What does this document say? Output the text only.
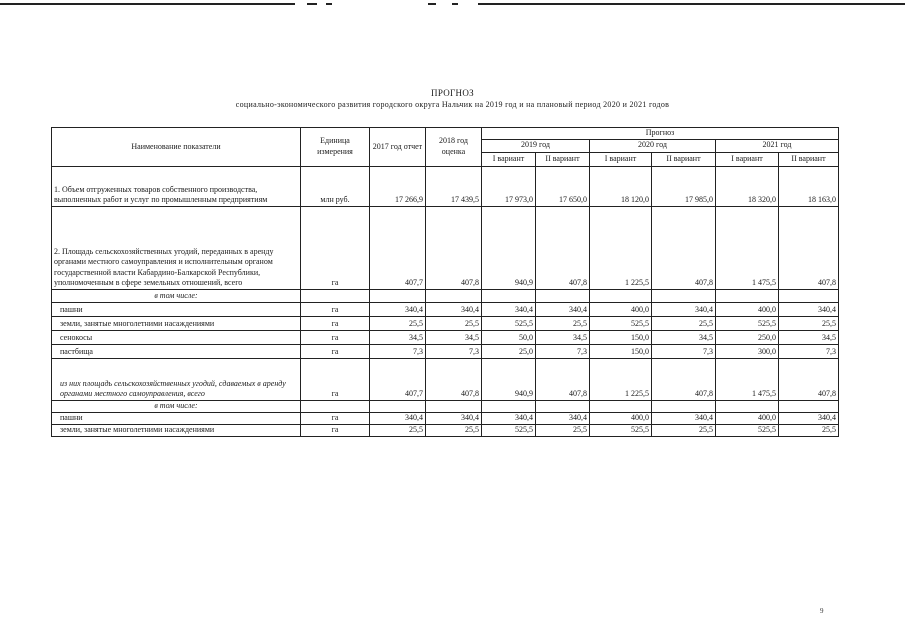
ПРОГНОЗ
социально-экономического развития городского округа Нальчик на 2019 год и на плановый период 2020 и 2021 годов
Наименование показатели	Единица измерения	2017 год отчет	2018 год оценка	Прогноз					
				2019 год		2020 год		2021 год	
				I вариант	II вариант	I вариант	II вариант	I вариант	II вариант
1. Объем отгруженных товаров собственного производства, выполненных работ и услуг по промышленным предприятиям	млн руб.	17 266,9	17 439,5	17 973,0	17 650,0	18 120,0	17 985,0	18 320,0	18 163,0
2. Площадь сельскохозяйственных угодий, переданных в аренду органами местного самоуправления и исполнительным органом государственной власти Кабардино-Балкарской Республики, уполномоченным в сфере земельных отношений, всего	га	407,7	407,8	940,9	407,8	1 225,5	407,8	1 475,5	407,8
в том числе:									
пашни	га	340,4	340,4	340,4	340,4	400,0	340,4	400,0	340,4
земли, занятые многолетними насаждениями	га	25,5	25,5	525,5	25,5	525,5	25,5	525,5	25,5
сенокосы	га	34,5	34,5	50,0	34,5	150,0	34,5	250,0	34,5
пастбища	га	7,3	7,3	25,0	7,3	150,0	7,3	300,0	7,3
из них площадь сельскохозяйственных угодий, сдаваемых в аренду органами местного самоуправления, всего	га	407,7	407,8	940,9	407,8	1 225,5	407,8	1 475,5	407,8
в том числе:									
пашни	га	340,4	340,4	340,4	340,4	400,0	340,4	400,0	340,4
земли, занятые многолетними насаждениями	га	25,5	25,5	525,5	25,5	525,5	25,5	525,5	25,5
9
